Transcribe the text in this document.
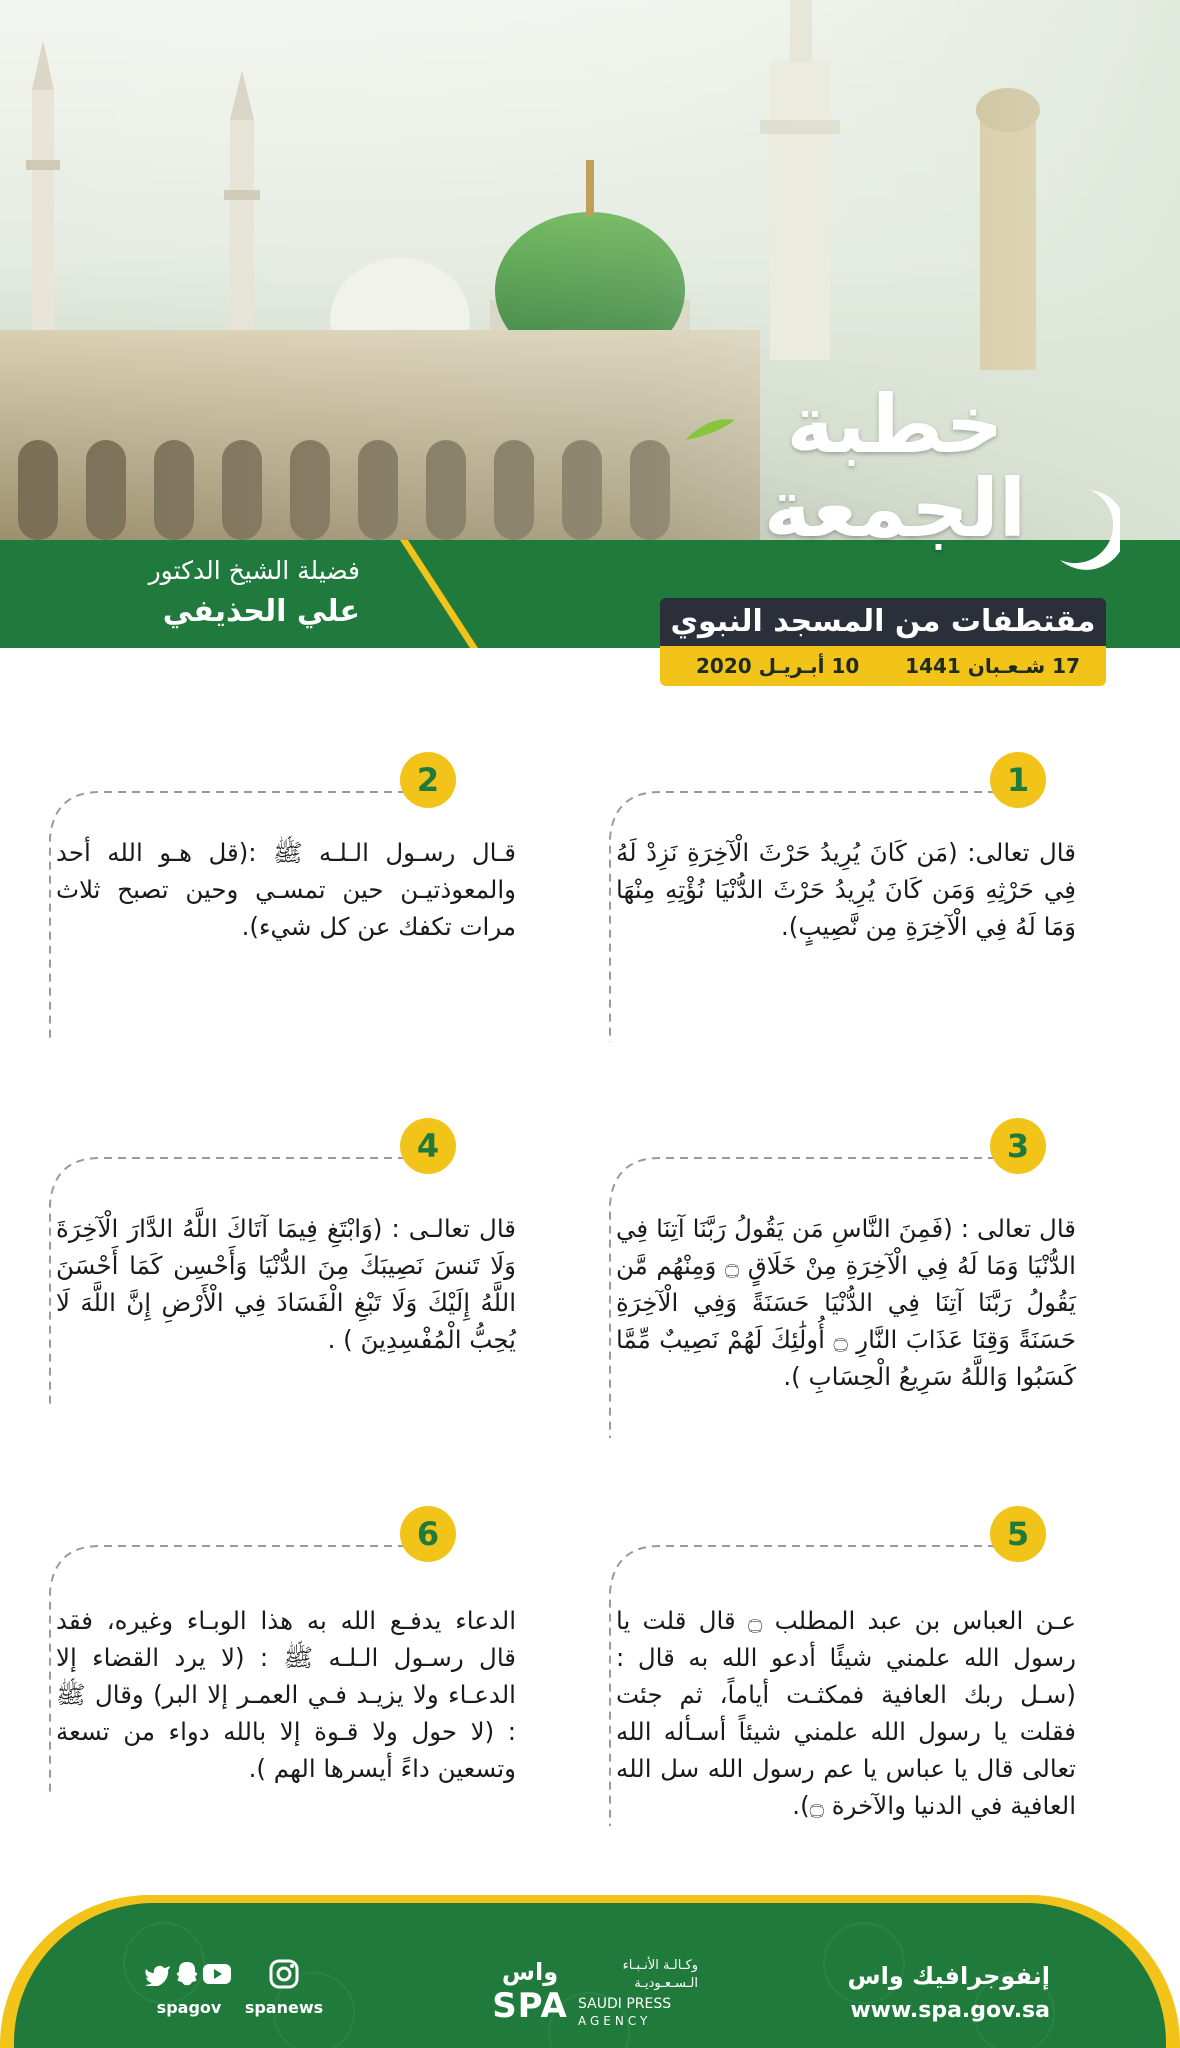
فضيلة الشيخ الدكتور
علي الحذيفي
خطبة
الجمعة
مقتطفات من المسجد النبوي
17 شـعـبان 1441
10 أبـريـل 2020
1
قال تعالى: (مَن كَانَ يُرِيدُ حَرْثَ الْآخِرَةِ نَزِدْ لَهُ فِي حَرْثِهِ وَمَن كَانَ يُرِيدُ حَرْثَ الدُّنْيَا نُؤْتِهِ مِنْهَا وَمَا لَهُ فِي الْآخِرَةِ مِن نَّصِيبٍ).
2
قـال رسـول الـلـه ﷺ :(قل هـو الله أحد والمعوذتيـن حين تمسـي وحين تصبح ثلاث مرات تكفك عن كل شيء).
3
قال تعالى : (فَمِنَ النَّاسِ مَن يَقُولُ رَبَّنَا آتِنَا فِي الدُّنْيَا وَمَا لَهُ فِي الْآخِرَةِ مِنْ خَلَاقٍ ۝ وَمِنْهُم مَّن يَقُولُ رَبَّنَا آتِنَا فِي الدُّنْيَا حَسَنَةً وَفِي الْآخِرَةِ حَسَنَةً وَقِنَا عَذَابَ النَّارِ ۝ أُولَٰئِكَ لَهُمْ نَصِيبٌ مِّمَّا كَسَبُوا وَاللَّهُ سَرِيعُ الْحِسَابِ ).
4
قال تعالـى : (وَابْتَغِ فِيمَا آتَاكَ اللَّهُ الدَّارَ الْآخِرَةَ وَلَا تَنسَ نَصِيبَكَ مِنَ الدُّنْيَا وَأَحْسِن كَمَا أَحْسَنَ اللَّهُ إِلَيْكَ وَلَا تَبْغِ الْفَسَادَ فِي الْأَرْضِ إِنَّ اللَّهَ لَا يُحِبُّ الْمُفْسِدِينَ ) .
5
عـن العباس بن عبد المطلب ۝ قال قلت يا رسول الله علمني شيئًا أدعو الله به قال : (سـل ربك العافية فمكثـت أياماً، ثم جئت فقلت يا رسول الله علمني شيئاً أسـأله الله تعالى قال يا عباس يا عم رسول الله سل الله العافية في الدنيا والآخرة ۝).
6
الدعاء يدفـع الله به هذا الوبـاء وغيره، فقد قال رسـول الـلـه ﷺ : (لا يرد القضاء إلا الدعـاء ولا يزيـد فـي العمـر إلا البر) وقال ﷺ : (لا حول ولا قـوة إلا بالله دواء من تسعة وتسعين داءً أيسرها الهم ).
إنفوجرافيك واس
www.spa.gov.sa
واس
SPA
وكـالـة الأنـبـاء
الـسـعـوديـة
SAUDI PRESS
AGENCY
spanews
spagov
